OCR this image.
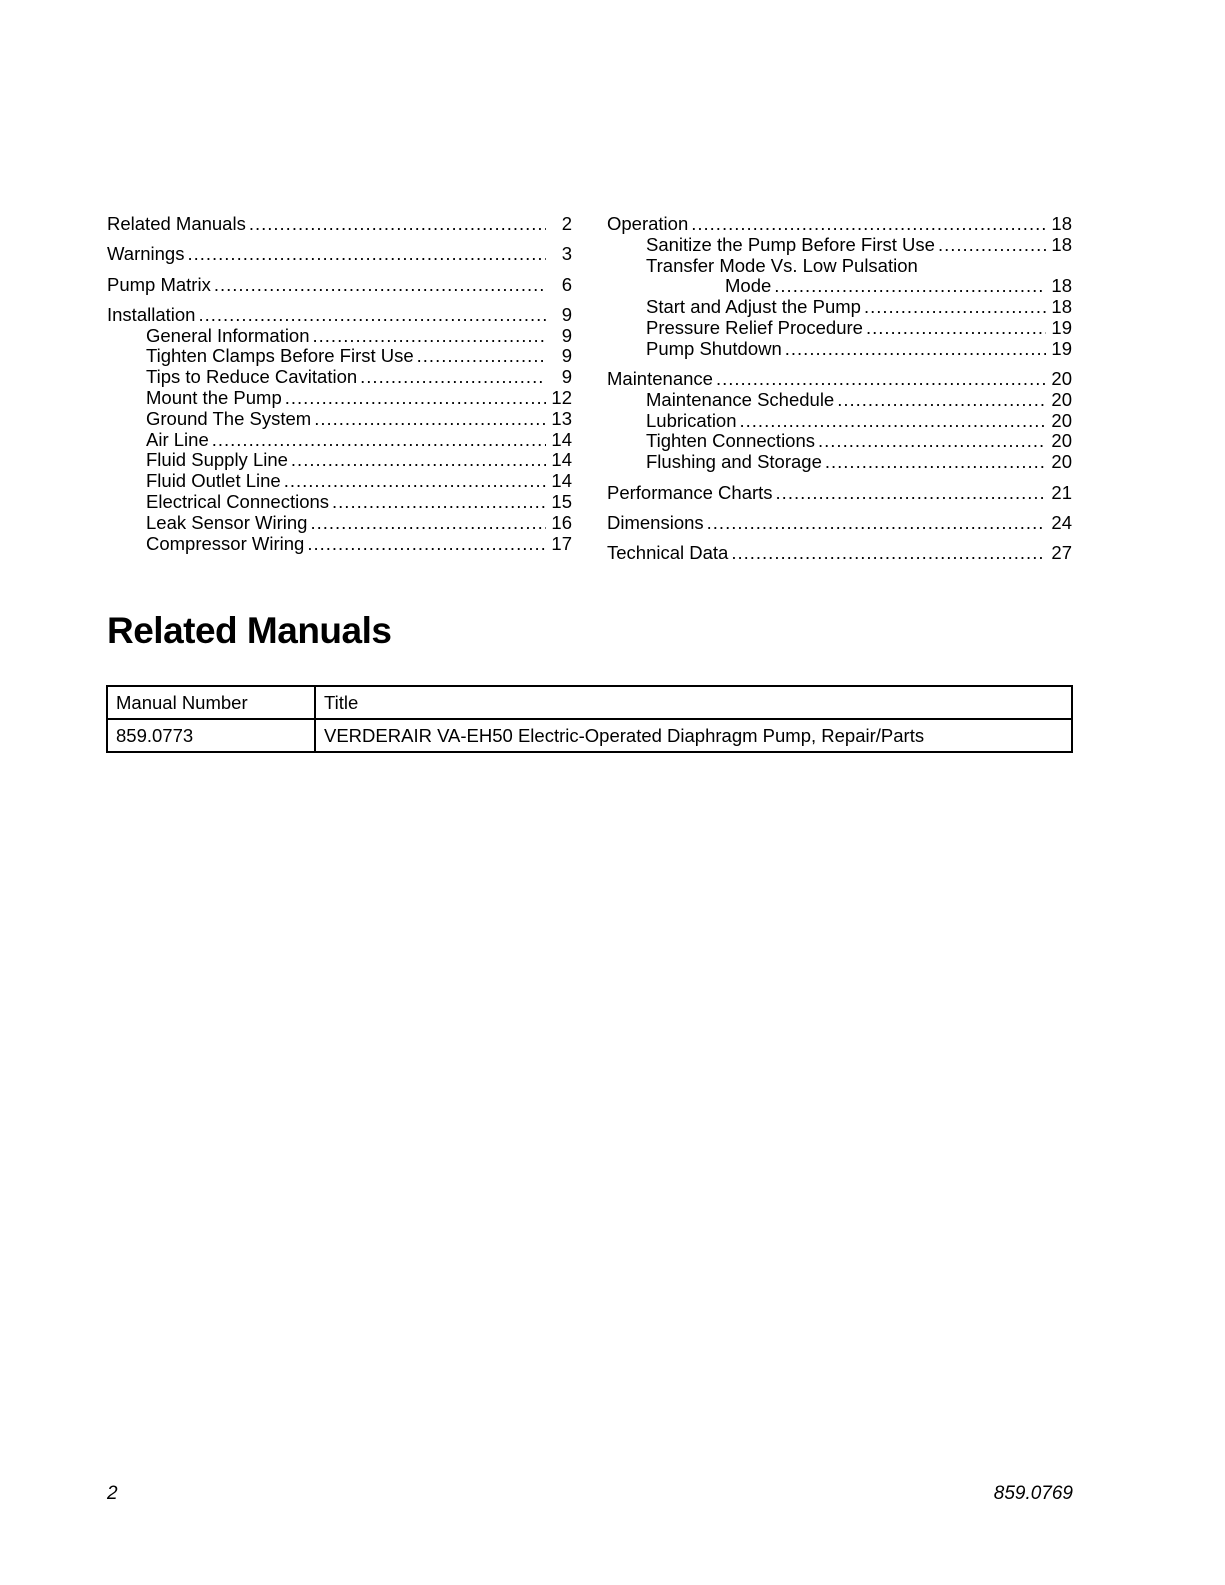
Related Manuals .....	2
Warnings .....	3
Pump Matrix .....	6
Installation .....	9
General Information .....	9
Tighten Clamps Before First Use .....	9
Tips to Reduce Cavitation .....	9
Mount the Pump .....	12
Ground The System .....	13
Air Line .....	14
Fluid Supply Line .....	14
Fluid Outlet Line .....	14
Electrical Connections .....	15
Leak Sensor Wiring .....	16
Compressor Wiring .....	17
Operation .....	18
Sanitize the Pump Before First Use .....	18
Transfer Mode Vs. Low Pulsation
Mode .....	18
Start and Adjust the Pump .....	18
Pressure Relief Procedure .....	19
Pump Shutdown .....	19
Maintenance .....	20
Maintenance Schedule .....	20
Lubrication .....	20
Tighten Connections .....	20
Flushing and Storage .....	20
Performance Charts .....	21
Dimensions .....	24
Technical Data .....	27
Related Manuals
Manual Number	Title
859.0773	VERDERAIR VA-EH50 Electric-Operated Diaphragm Pump, Repair/Parts
2	859.0769
